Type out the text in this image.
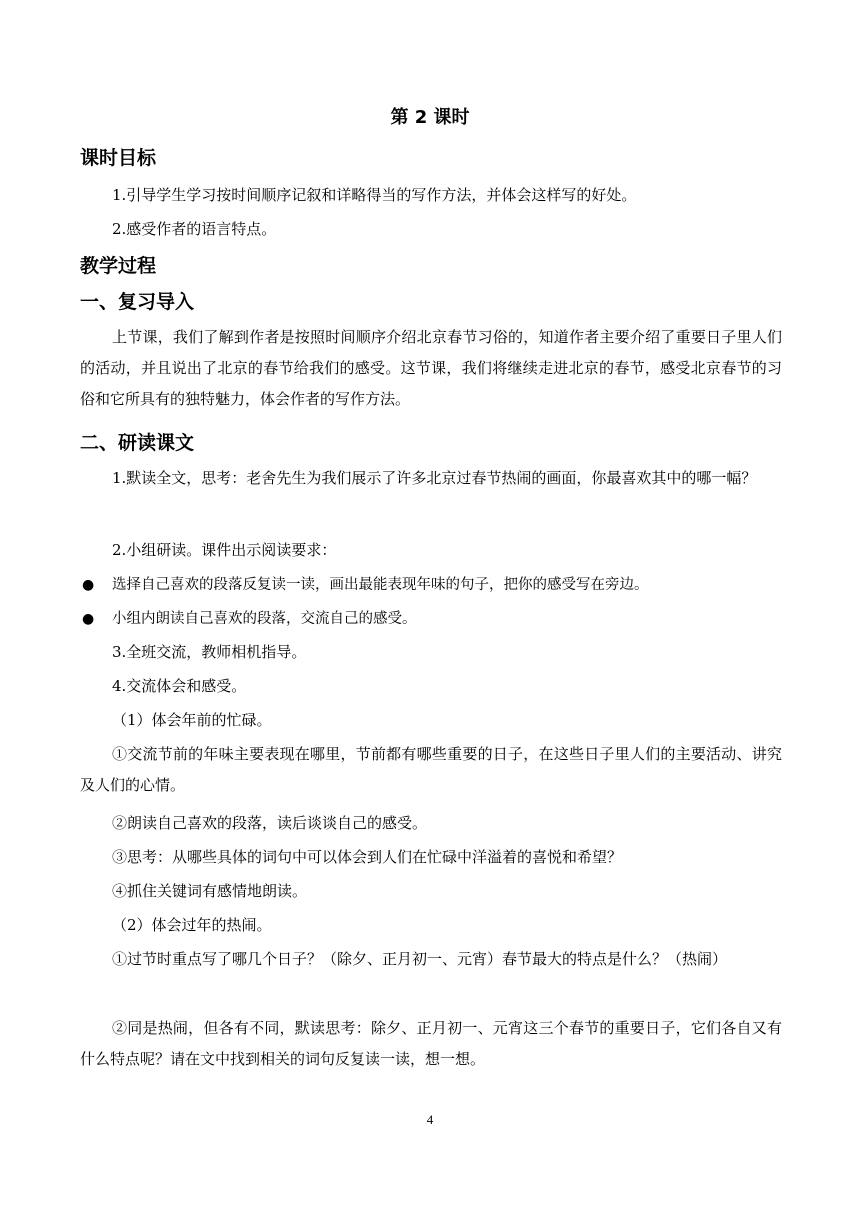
第 2 课时

课时目标
1.引导学生学习按时间顺序记叙和详略得当的写作方法，并体会这样写的好处。
2.感受作者的语言特点。
教学过程
一、复习导入

上节课，我们了解到作者是按照时间顺序介绍北京春节习俗的，知道作者主要介绍了重要日子里人们的活动，并且说出了北京的春节给我们的感受。这节课，我们将继续走进北京的春节，感受北京春节的习俗和它所具有的独特魅力，体会作者的写作方法。

二、研读课文

1.默读全文，思考：老舍先生为我们展示了许多北京过春节热闹的画面，你最喜欢其中的哪一幅？

2.小组研读。课件出示阅读要求：
● 选择自己喜欢的段落反复读一读，画出最能表现年味的句子，把你的感受写在旁边。
● 小组内朗读自己喜欢的段落，交流自己的感受。
3.全班交流，教师相机指导。
4.交流体会和感受。
（1）体会年前的忙碌。

①交流节前的年味主要表现在哪里，节前都有哪些重要的日子，在这些日子里人们的主要活动、讲究及人们的心情。

②朗读自己喜欢的段落，读后谈谈自己的感受。
③思考：从哪些具体的词句中可以体会到人们在忙碌中洋溢着的喜悦和希望？
④抓住关键词有感情地朗读。
（2）体会过年的热闹。

①过节时重点写了哪几个日子？（除夕、正月初一、元宵）春节最大的特点是什么？（热闹）

②同是热闹，但各有不同，默读思考：除夕、正月初一、元宵这三个春节的重要日子，它们各自又有什么特点呢？请在文中找到相关的词句反复读一读，想一想。

4
